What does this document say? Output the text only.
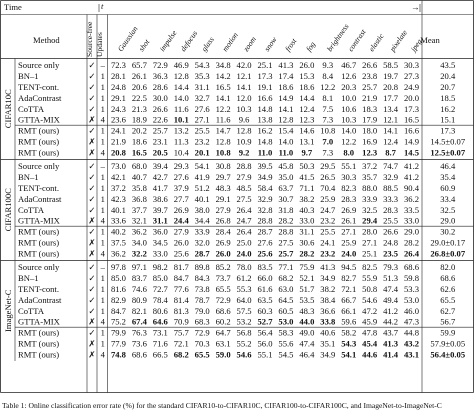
Time	t	→
Method	Mean
Source-free Updates Gaussian
shot impulse defocus glass motion zoom snow frost fog brightness
contrast elastic pixelate jpeg
CIFAR10C
Source only	✓ – 72.3 65.7 72.9 46.9 54.3 34.8 42.0 25.1 41.3 26.0 9.3 46.7 26.6 58.5 30.3 43.5
BN–1	✓ 1 28.1 26.1 36.3 12.8 35.3 14.2 12.1 17.3 17.4 15.3 8.4 12.6 23.8 19.7 27.3 20.4
TENT-cont.	✓ 1 24.8 20.6 28.6 14.4 31.1 16.5 14.1 19.1 18.6 18.6 12.2 20.3 25.7 20.8 24.9 20.7
AdaContrast	✓ 1 29.1 22.5 30.0 14.0 32.7 14.1 12.0 16.6 14.9 14.4 8.1 10.0 21.9 17.7 20.0 18.5
CoTTA	✓ 1 24.3 21.3 26.6 11.6 27.6 12.2 10.3 14.8 14.1 12.4 7.5 10.6 18.3 13.4 17.3 16.2
GTTA-MIX	✗ 4 23.6 18.9 22.6 10.1 27.1 11.6 9.6 13.8 12.8 12.3 7.3 10.3 17.9 12.1 16.5 15.1
RMT (ours)	✓ 1 24.1 20.2 25.7 13.2 25.5 14.7 12.8 16.2 15.4 14.6 10.8 14.0 18.0 14.1 16.6 17.3
RMT (ours)	✗ 1 21.9 18.6 23.1 11.3 23.2 12.8 10.9 14.8 14.0 13.1 7.0 12.2 16.9 12.4 14.9 14.5±0.07
RMT (ours)	✗ 4 20.8 16.5 20.5 10.4 20.1 10.8 9.2 11.0 11.0 9.7 7.3 8.0 12.3 8.7 14.5 12.5±0.07
CIFAR100C
Source only	✓ – 73.0 68.0 39.4 29.3 54.1 30.8 28.8 39.5 45.8 50.3 29.5 55.1 37.2 74.7 41.2 46.4
BN–1	✓ 1 42.1 40.7 42.7 27.6 41.9 29.7 27.9 34.9 35.0 41.5 26.5 30.3 35.7 32.9 41.2 35.4
TENT-cont.	✓ 1 37.2 35.8 41.7 37.9 51.2 48.3 48.5 58.4 63.7 71.1 70.4 82.3 88.0 88.5 90.4 60.9
AdaContrast	✓ 1 42.3 36.8 38.6 27.7 40.1 29.1 27.5 32.9 30.7 38.2 25.9 28.3 33.9 33.3 36.2 33.4
CoTTA	✓ 1 40.1 37.7 39.7 26.9 38.0 27.9 26.4 32.8 31.8 40.3 24.7 26.9 32.5 28.3 33.5 32.5
GTTA-MIX	✗ 4 33.6 32.1 31.1 24.4 34.4 26.8 24.7 28.8 28.2 33.0 23.2 26.1 29.4 25.5 33.0 29.0
RMT (ours)	✓ 1 40.2 36.2 36.0 27.9 33.9 28.4 26.4 28.7 28.8 31.1 25.5 27.1 28.0 26.6 29.0 30.2
RMT (ours)	✗ 1 37.5 34.0 34.5 26.0 32.0 26.9 25.0 27.6 27.5 30.6 24.1 25.9 27.1 24.8 28.2 29.0±0.17
RMT (ours)	✗ 4 36.2 32.2 33.0 25.6 28.7 26.0 24.0 25.6 25.7 28.2 23.2 24.0 25.1 23.5 26.4 26.8±0.07
ImageNet-C
Source only	✓ – 97.8 97.1 98.2 81.7 89.8 85.2 78.0 83.5 77.1 75.9 41.3 94.5 82.5 79.3 68.6 82.0
BN–1	✓ 1 85.0 83.7 85.0 84.7 84.3 73.7 61.2 66.0 68.2 52.1 34.9 82.7 55.9 51.3 59.8 68.6
TENT-cont.	✓ 1 81.6 74.6 72.7 77.6 73.8 65.5 55.3 61.6 63.0 51.7 38.2 72.1 50.8 47.4 53.3 62.6
AdaContrast	✓ 1 82.9 80.9 78.4 81.4 78.7 72.9 64.0 63.5 64.5 53.5 38.4 66.7 54.6 49.4 53.0 65.5
CoTTA	✓ 1 84.7 82.1 80.6 81.3 79.0 68.6 57.5 60.3 60.5 48.3 36.6 66.1 47.2 41.2 46.0 62.7
GTTA-MIX	✗ 4 75.2 67.4 64.6 70.9 68.3 60.2 53.2 52.7 53.0 44.0 33.8 59.6 45.9 44.2 47.3 56.7
RMT (ours)	✓ 1 79.9 76.3 73.1 75.7 72.9 64.7 56.8 56.4 58.3 49.0 40.6 58.2 47.8 43.7 44.8 59.9
RMT (ours)	✗ 1 77.9 73.6 71.6 72.1 70.3 63.1 55.2 56.0 55.6 47.4 35.1 54.3 45.4 41.3 43.2 57.9±0.05
RMT (ours)	✗ 4 74.8 68.6 66.5 68.2 65.5 59.0 54.6 55.1 54.5 46.4 34.9 54.1 44.6 41.4 43.1 56.4±0.05
Table 1: Online classification error rate (%) for the standard CIFAR10-to-CIFAR10C, CIFAR100-to-CIFAR100C, and ImageNet-to-ImageNet-C
